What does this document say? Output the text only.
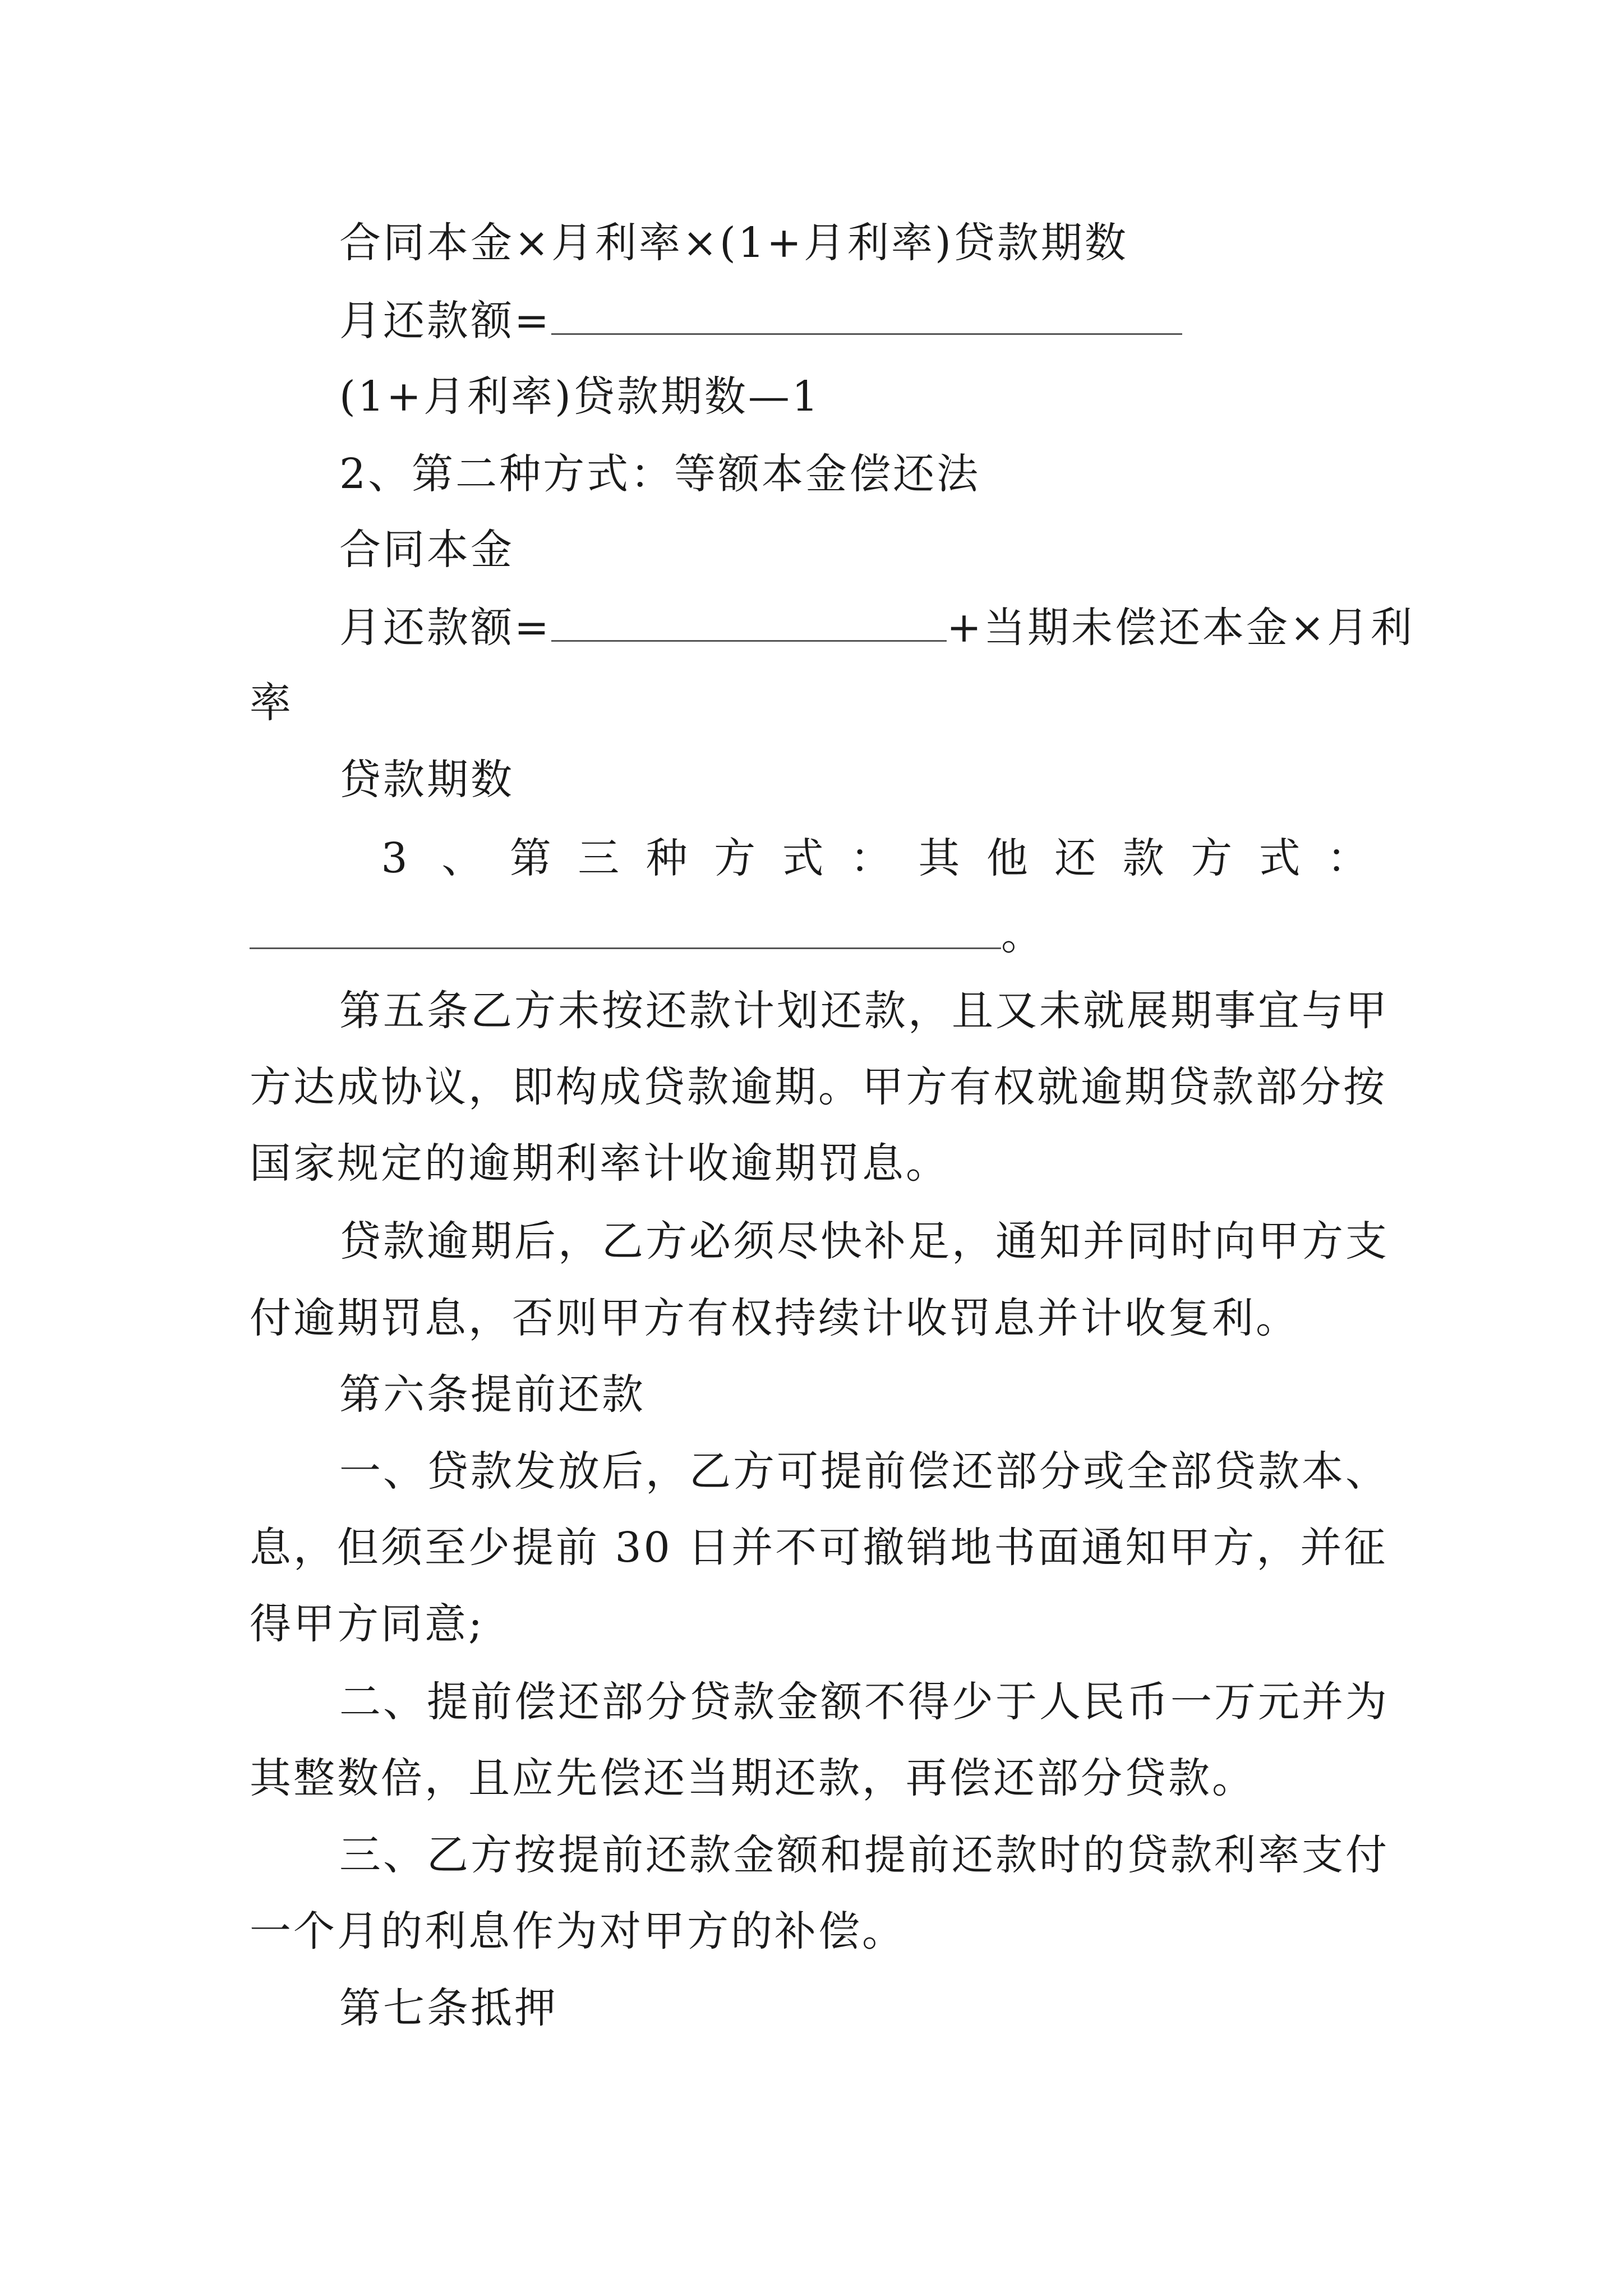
合同本金×月利率×(1+月利率)贷款期数
月还款额=
(1+月利率)贷款期数—1
2、第二种方式：等额本金偿还法
合同本金
月还款额=	+当期未偿还本金×月利
率
贷款期数
3 、 第 三 种 方 式 ： 其 他 还 款 方 式 ：
。
第五条乙方未按还款计划还款，且又未就展期事宜与甲
方达成协议，即构成贷款逾期。甲方有权就逾期贷款部分按
国家规定的逾期利率计收逾期罚息。
贷款逾期后，乙方必须尽快补足，通知并同时向甲方支
付逾期罚息，否则甲方有权持续计收罚息并计收复利。
第六条提前还款
一、贷款发放后，乙方可提前偿还部分或全部贷款本、
息，但须至少提前 30 日并不可撤销地书面通知甲方，并征
得甲方同意;
二、提前偿还部分贷款金额不得少于人民币一万元并为
其整数倍，且应先偿还当期还款，再偿还部分贷款。
三、乙方按提前还款金额和提前还款时的贷款利率支付
一个月的利息作为对甲方的补偿。
第七条抵押
